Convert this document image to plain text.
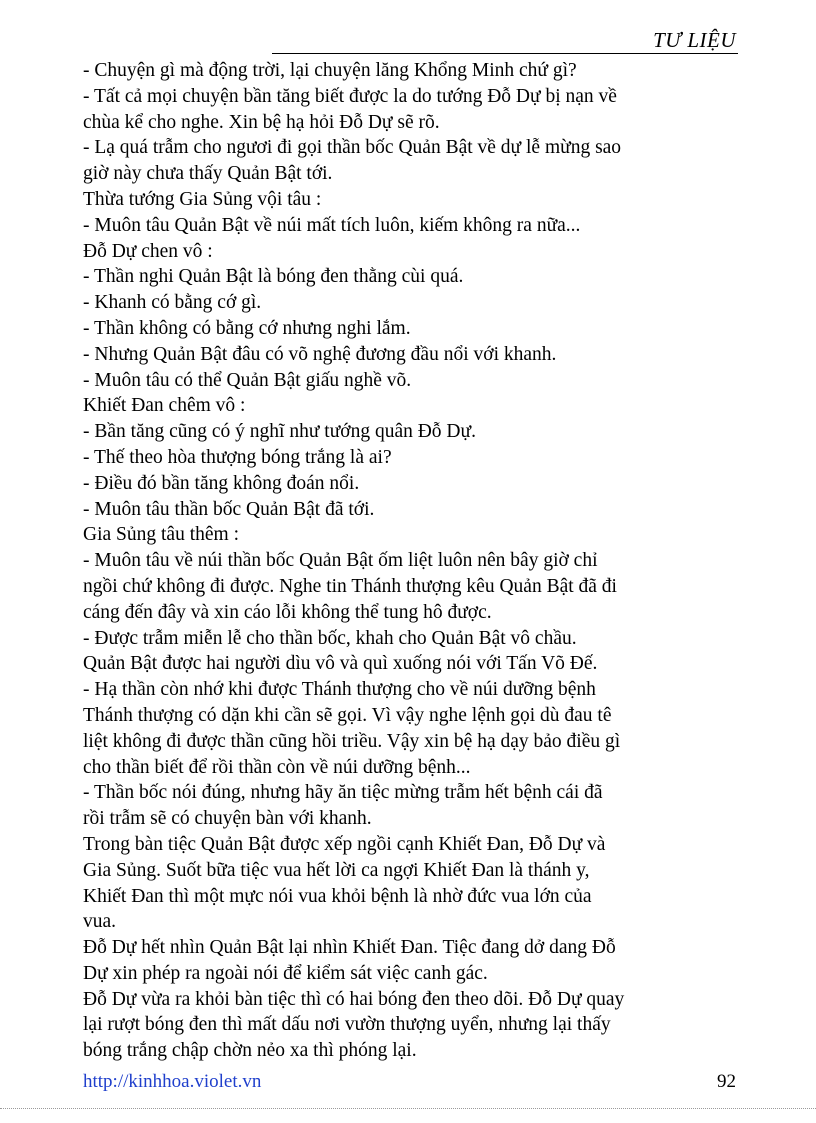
TƯ LIỆU
- Chuyện gì mà động trời, lại chuyện lăng Khổng Minh chứ gì?
- Tất cả mọi chuyện bần tăng biết được la do tướng Đỗ Dự bị nạn về
chùa kể cho nghe. Xin bệ hạ hỏi Đỗ Dự sẽ rõ.
- Lạ quá trẫm cho ngươi đi gọi thần bốc Quản Bật về dự lễ mừng sao
giờ này chưa thấy Quản Bật tới.
Thừa tướng Gia Sủng vội tâu :
- Muôn tâu Quản Bật về núi mất tích luôn, kiếm không ra nữa...
Đỗ Dự chen vô :
- Thần nghi Quản Bật là bóng đen thằng cùi quá.
- Khanh có bằng cớ gì.
- Thần không có bằng cớ nhưng nghi lắm.
- Nhưng Quản Bật đâu có võ nghệ đương đầu nổi với khanh.
- Muôn tâu có thể Quản Bật giấu nghề võ.
Khiết Đan chêm vô :
- Bần tăng cũng có ý nghĩ như tướng quân Đỗ Dự.
- Thế theo hòa thượng bóng trắng là ai?
- Điều đó bần tăng không đoán nổi.
- Muôn tâu thần bốc Quản Bật đã tới.
Gia Sủng tâu thêm :
- Muôn tâu về núi thần bốc Quản Bật ốm liệt luôn nên bây giờ chỉ
ngồi chứ không đi được. Nghe tin Thánh thượng kêu Quản Bật đã đi
cáng đến đây và xin cáo lỗi không thể tung hô được.
- Được trẫm miễn lễ cho thần bốc, khah cho Quản Bật vô chầu.
Quản Bật được hai người dìu vô và quì xuống nói với Tấn Võ Đế.
- Hạ thần còn nhớ khi được Thánh thượng cho về núi dưỡng bệnh
Thánh thượng có dặn khi cần sẽ gọi. Vì vậy nghe lệnh gọi dù đau tê
liệt không đi được thần cũng hồi triều. Vậy xin bệ hạ dạy bảo điều gì
cho thần biết để rồi thần còn về núi dưỡng bệnh...
- Thần bốc nói đúng, nhưng hãy ăn tiệc mừng trẫm hết bệnh cái đã
rồi trẫm sẽ có chuyện bàn với khanh.
Trong bàn tiệc Quản Bật được xếp ngồi cạnh Khiết Đan, Đỗ Dự và
Gia Sủng. Suốt bữa tiệc vua hết lời ca ngợi Khiết Đan là thánh y,
Khiết Đan thì một mực nói vua khỏi bệnh là nhờ đức vua lớn của
vua.
Đỗ Dự hết nhìn Quản Bật lại nhìn Khiết Đan. Tiệc đang dở dang Đỗ
Dự xin phép ra ngoài nói để kiểm sát việc canh gác.
Đỗ Dự vừa ra khỏi bàn tiệc thì có hai bóng đen theo dõi. Đỗ Dự quay
lại rượt bóng đen thì mất dấu nơi vườn thượng uyển, nhưng lại thấy
bóng trắng chập chờn nẻo xa thì phóng lại.
http://kinhhoa.violet.vn	92
